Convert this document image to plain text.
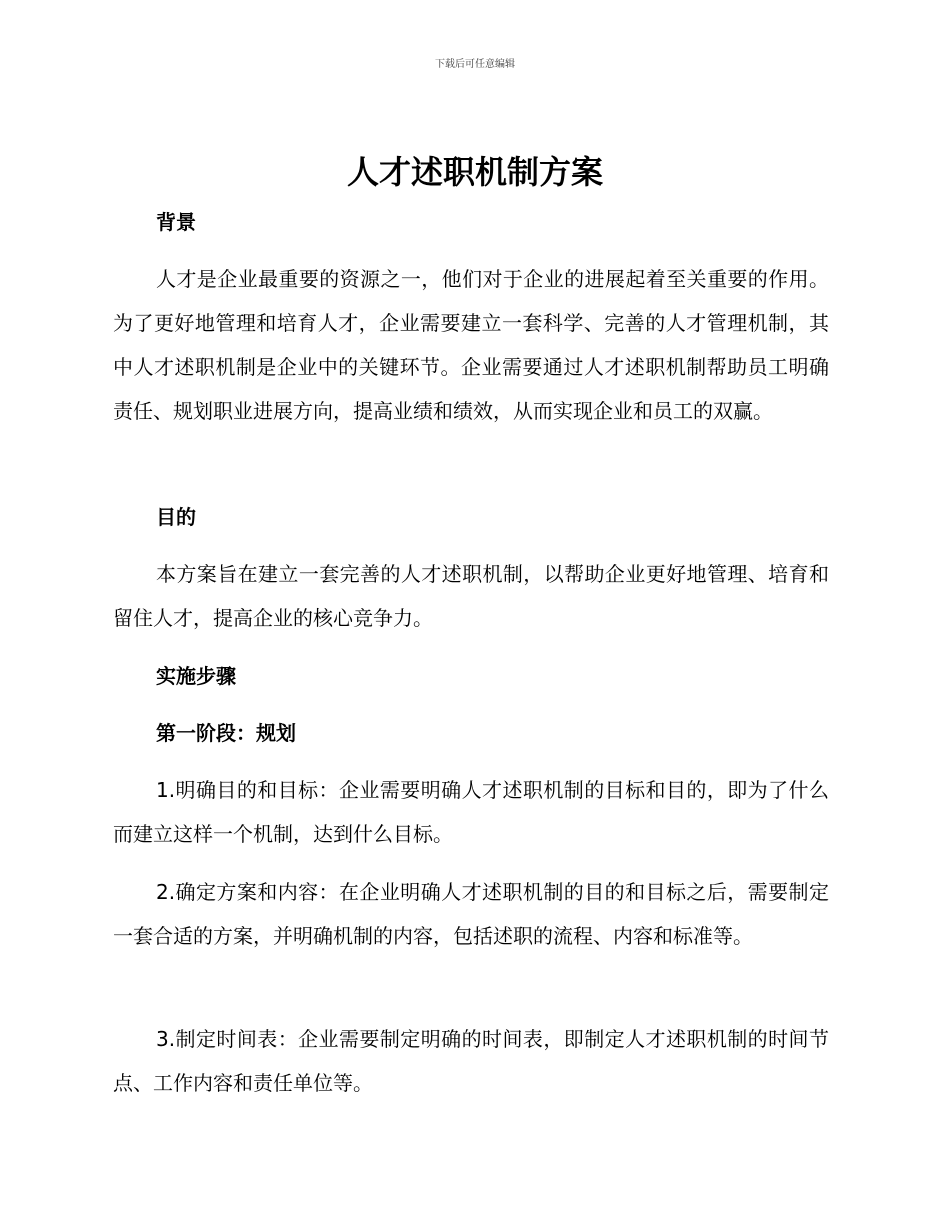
下载后可任意编辑
人才述职机制方案
背景

人才是企业最重要的资源之一，他们对于企业的进展起着至关重要的作用。为了更好地管理和培育人才，企业需要建立一套科学、完善的人才管理机制，其中人才述职机制是企业中的关键环节。企业需要通过人才述职机制帮助员工明确责任、规划职业进展方向，提高业绩和绩效，从而实现企业和员工的双赢。

目的

本方案旨在建立一套完善的人才述职机制，以帮助企业更好地管理、培育和留住人才，提高企业的核心竞争力。

实施步骤
第一阶段：规划

1.明确目的和目标：企业需要明确人才述职机制的目标和目的，即为了什么而建立这样一个机制，达到什么目标。

2.确定方案和内容：在企业明确人才述职机制的目的和目标之后，需要制定一套合适的方案，并明确机制的内容，包括述职的流程、内容和标准等。

3.制定时间表：企业需要制定明确的时间表，即制定人才述职机制的时间节点、工作内容和责任单位等。
